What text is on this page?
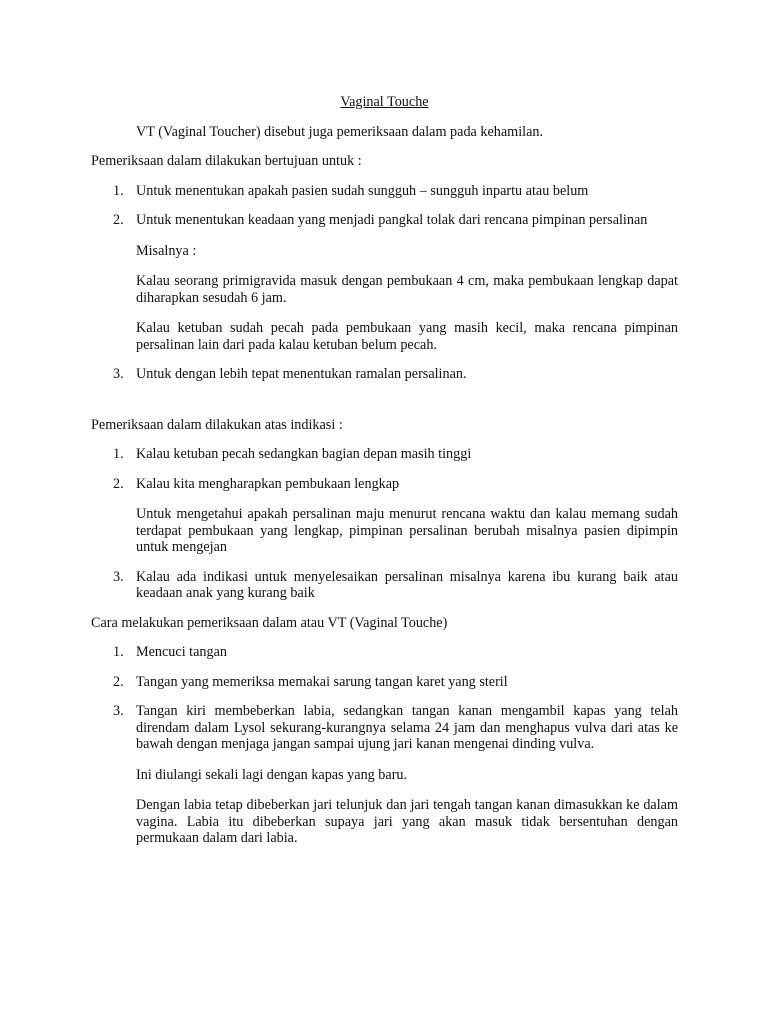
Vaginal Touche

VT (Vaginal Toucher) disebut juga pemeriksaan dalam pada kehamilan.

Pemeriksaan dalam dilakukan bertujuan untuk :

1. Untuk menentukan apakah pasien sudah sungguh – sungguh inpartu atau belum
2. Untuk menentukan keadaan yang menjadi pangkal tolak dari rencana pimpinan persalinan

Misalnya :

Kalau seorang primigravida masuk dengan pembukaan 4 cm, maka pembukaan lengkap dapat diharapkan sesudah 6 jam.

Kalau ketuban sudah pecah pada pembukaan yang masih kecil, maka rencana pimpinan persalinan lain dari pada kalau ketuban belum pecah.

3. Untuk dengan lebih tepat menentukan ramalan persalinan.

Pemeriksaan dalam dilakukan atas indikasi :

1. Kalau ketuban pecah sedangkan bagian depan masih tinggi
2. Kalau kita mengharapkan pembukaan lengkap

Untuk mengetahui apakah persalinan maju menurut rencana waktu dan kalau memang sudah terdapat pembukaan yang lengkap, pimpinan persalinan berubah misalnya pasien dipimpin untuk mengejan

3. Kalau ada indikasi untuk menyelesaikan persalinan misalnya karena ibu kurang baik atau keadaan anak yang kurang baik

Cara melakukan pemeriksaan dalam atau VT (Vaginal Touche)

1. Mencuci tangan
2. Tangan yang memeriksa memakai sarung tangan karet yang steril
3. Tangan kiri membeberkan labia, sedangkan tangan kanan mengambil kapas yang telah direndam dalam Lysol sekurang-kurangnya selama 24 jam dan menghapus vulva dari atas ke bawah dengan menjaga jangan sampai ujung jari kanan mengenai dinding vulva.

Ini diulangi sekali lagi dengan kapas yang baru.

Dengan labia tetap dibeberkan jari telunjuk dan jari tengah tangan kanan dimasukkan ke dalam vagina. Labia itu dibeberkan supaya jari yang akan masuk tidak bersentuhan dengan permukaan dalam dari labia.
